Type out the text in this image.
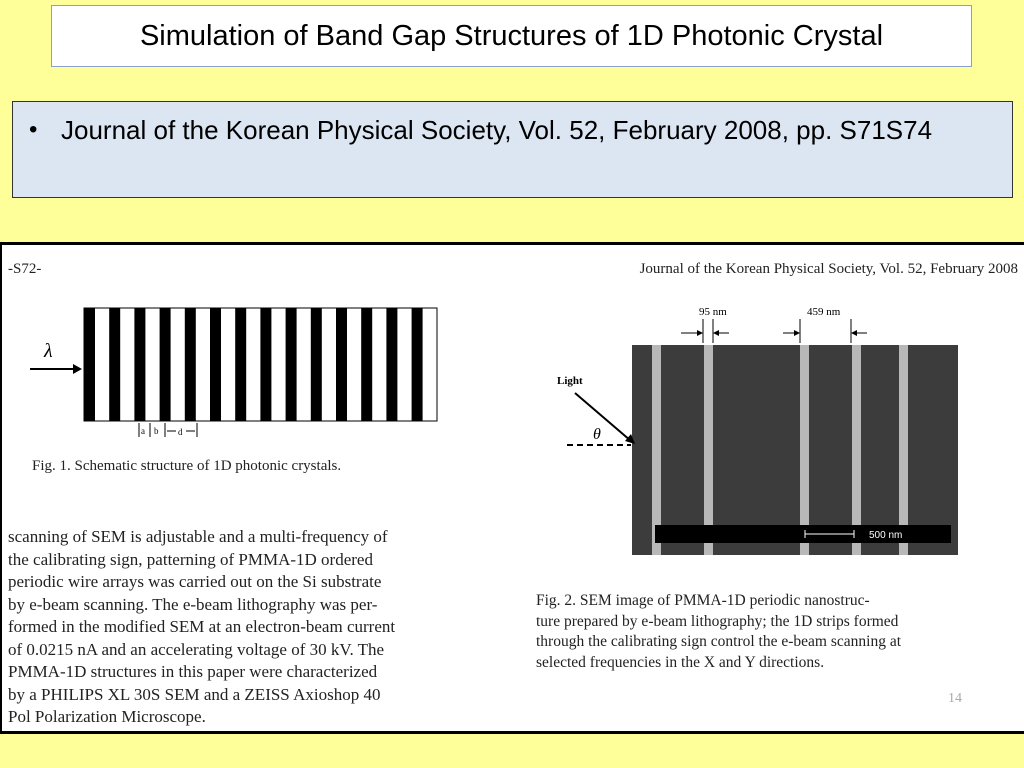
Simulation of Band Gap Structures of 1D Photonic Crystal
• Journal of the Korean Physical Society, Vol. 52, February 2008, pp. S71S74
-S72-	Journal of the Korean Physical Society, Vol. 52, February 2008
λ
a b d
Fig. 1. Schematic structure of 1D photonic crystals.
scanning of SEM is adjustable and a multi-frequency of
the calibrating sign, patterning of PMMA-1D ordered
periodic wire arrays was carried out on the Si substrate
by e-beam scanning. The e-beam lithography was per-
formed in the modified SEM at an electron-beam current
of 0.0215 nA and an accelerating voltage of 30 kV. The
PMMA-1D structures in this paper were characterized
by a PHILIPS XL 30S SEM and a ZEISS Axioshop 40
Pol Polarization Microscope.
500 nm
95 nm	459 nm
Light
θ
Fig. 2. SEM image of PMMA-1D periodic nanostruc-
ture prepared by e-beam lithography; the 1D strips formed
through the calibrating sign control the e-beam scanning at
selected frequencies in the X and Y directions.
14
